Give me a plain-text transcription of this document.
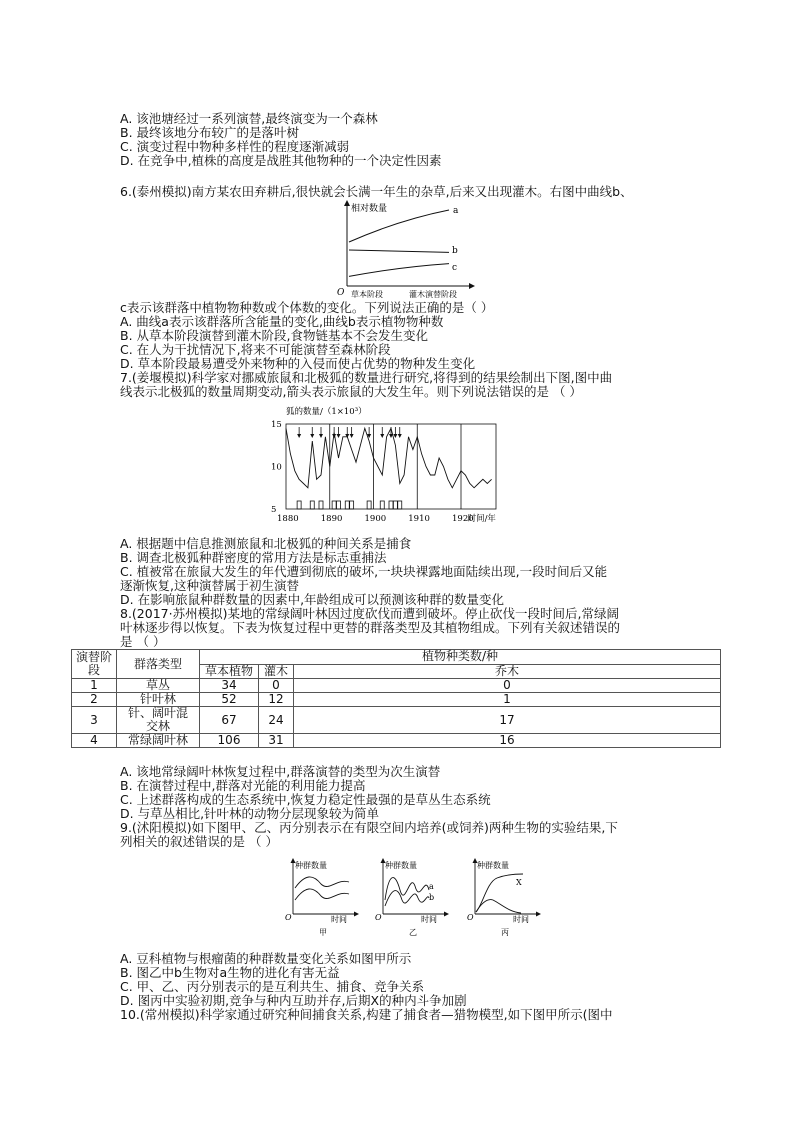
A. 该池塘经过一系列演替,最终演变为一个森林
B. 最终该地分布较广的是落叶树
C. 演变过程中物种多样性的程度逐渐减弱
D. 在竞争中,植株的高度是战胜其他物种的一个决定性因素
6.(泰州模拟)南方某农田弃耕后,很快就会长满一年生的杂草,后来又出现灌木。右图中曲线b、
相对数量
O 草本阶段	灌木演替阶段
a
b
c
c表示该群落中植物物种数或个体数的变化。下列说法正确的是（ ）
A. 曲线a表示该群落所含能量的变化,曲线b表示植物物种数
B. 从草本阶段演替到灌木阶段,食物链基本不会发生变化
C. 在人为干扰情况下,将来不可能演替至森林阶段
D. 草本阶段最易遭受外来物种的入侵而使占优势的物种发生变化
7.(姜堰模拟)科学家对挪威旅鼠和北极狐的数量进行研究,将得到的结果绘制出下图,图中曲
线表示北极狐的数量周期变动,箭头表示旅鼠的大发生年。则下列说法错误的是 （ ）
狐的数量/（1×10³）
5
10
15
1880	1890	1900	1910	1920
时间/年
A. 根据题中信息推测旅鼠和北极狐的种间关系是捕食
B. 调查北极狐种群密度的常用方法是标志重捕法
C. 植被常在旅鼠大发生的年代遭到彻底的破坏,一块块裸露地面陆续出现,一段时间后又能
逐渐恢复,这种演替属于初生演替
D. 在影响旅鼠种群数量的因素中,年龄组成可以预测该种群的数量变化
8.(2017·苏州模拟)某地的常绿阔叶林因过度砍伐而遭到破坏。停止砍伐一段时间后,常绿阔
叶林逐步得以恢复。下表为恢复过程中更替的群落类型及其植物组成。下列有关叙述错误的
是 （ ）
演替阶段	群落类型	植物种类数/种		
		草本植物	灌木	乔木
1	草丛	34	0	0
2	针叶林	52	12	1
3	针、阔叶混交林	67	24	17
4	常绿阔叶林	106	31	16
A. 该地常绿阔叶林恢复过程中,群落演替的类型为次生演替
B. 在演替过程中,群落对光能的利用能力提高
C. 上述群落构成的生态系统中,恢复力稳定性最强的是草丛生态系统
D. 与草丛相比,针叶林的动物分层现象较为简单
9.(沭阳模拟)如下图甲、乙、丙分别表示在有限空间内培养(或饲养)两种生物的实验结果,下
列相关的叙述错误的是 （ ）
种群数量
O	时间
甲
种群数量
O	时间
乙
a
b
种群数量
O	时间
丙
X
A. 豆科植物与根瘤菌的种群数量变化关系如图甲所示
B. 图乙中b生物对a生物的进化有害无益
C. 甲、乙、丙分别表示的是互利共生、捕食、竞争关系
D. 图丙中实验初期,竞争与种内互助并存,后期X的种内斗争加剧
10.(常州模拟)科学家通过研究种间捕食关系,构建了捕食者—猎物模型,如下图甲所示(图中
